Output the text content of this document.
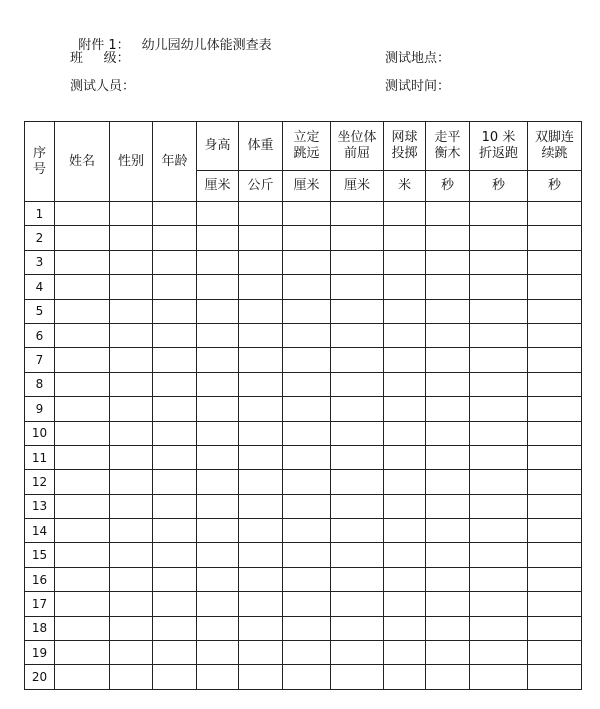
附件 1： 幼儿园幼儿体能测查表

班     级：	测试地点：
测试人员：	测试时间：
序号	姓名	性别	年龄	身高	体重	立定跳远	坐位体前屈	网球投掷	走平衡木	10 米折返跑	双脚连续跳

				厘米	公斤	厘米	厘米	米	秒	秒	秒
1											
2											
3											
4											
5											
6											
7											
8											
9											
10											
11											
12											
13											
14											
15											
16											
17											
18											
19											
20											
